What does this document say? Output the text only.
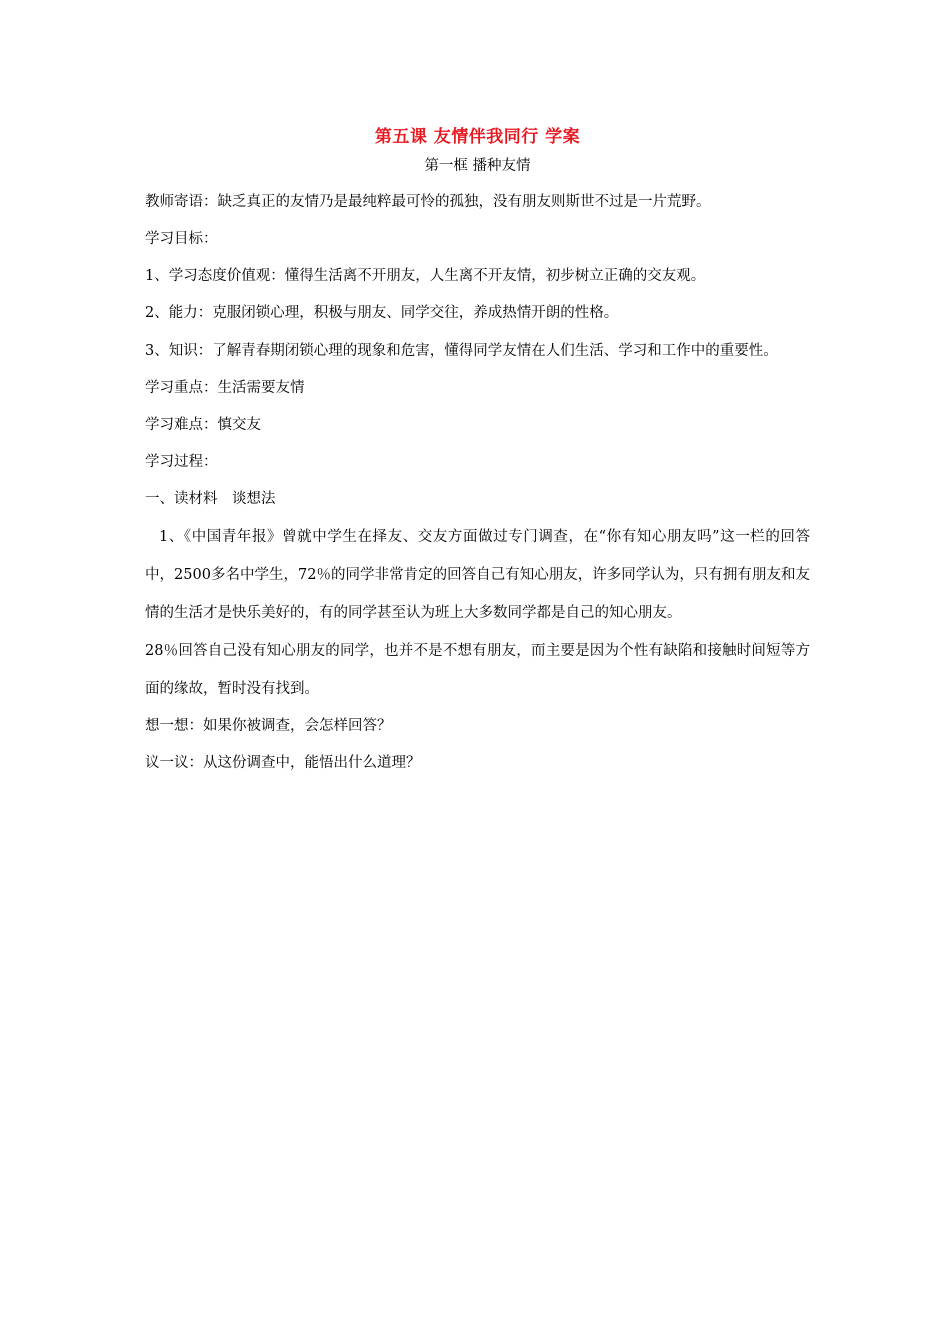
第五课 友情伴我同行 学案

第一框 播种友情

教师寄语：缺乏真正的友情乃是最纯粹最可怜的孤独，没有朋友则斯世不过是一片荒野。

学习目标：

1、学习态度价值观：懂得生活离不开朋友，人生离不开友情，初步树立正确的交友观。

2、能力：克服闭锁心理，积极与朋友、同学交往，养成热情开朗的性格。

3、知识：了解青春期闭锁心理的现象和危害，懂得同学友情在人们生活、学习和工作中的重要性。

学习重点：生活需要友情

学习难点：慎交友

学习过程：

一、读材料　谈想法

1、《中国青年报》曾就中学生在择友、交友方面做过专门调查，在“你有知心朋友吗”这一栏的回答中，2500多名中学生，72％的同学非常肯定的回答自己有知心朋友，许多同学认为，只有拥有朋友和友情的生活才是快乐美好的，有的同学甚至认为班上大多数同学都是自己的知心朋友。

28％回答自己没有知心朋友的同学，也并不是不想有朋友，而主要是因为个性有缺陷和接触时间短等方面的缘故，暂时没有找到。

想一想：如果你被调查，会怎样回答？

议一议：从这份调查中，能悟出什么道理？
